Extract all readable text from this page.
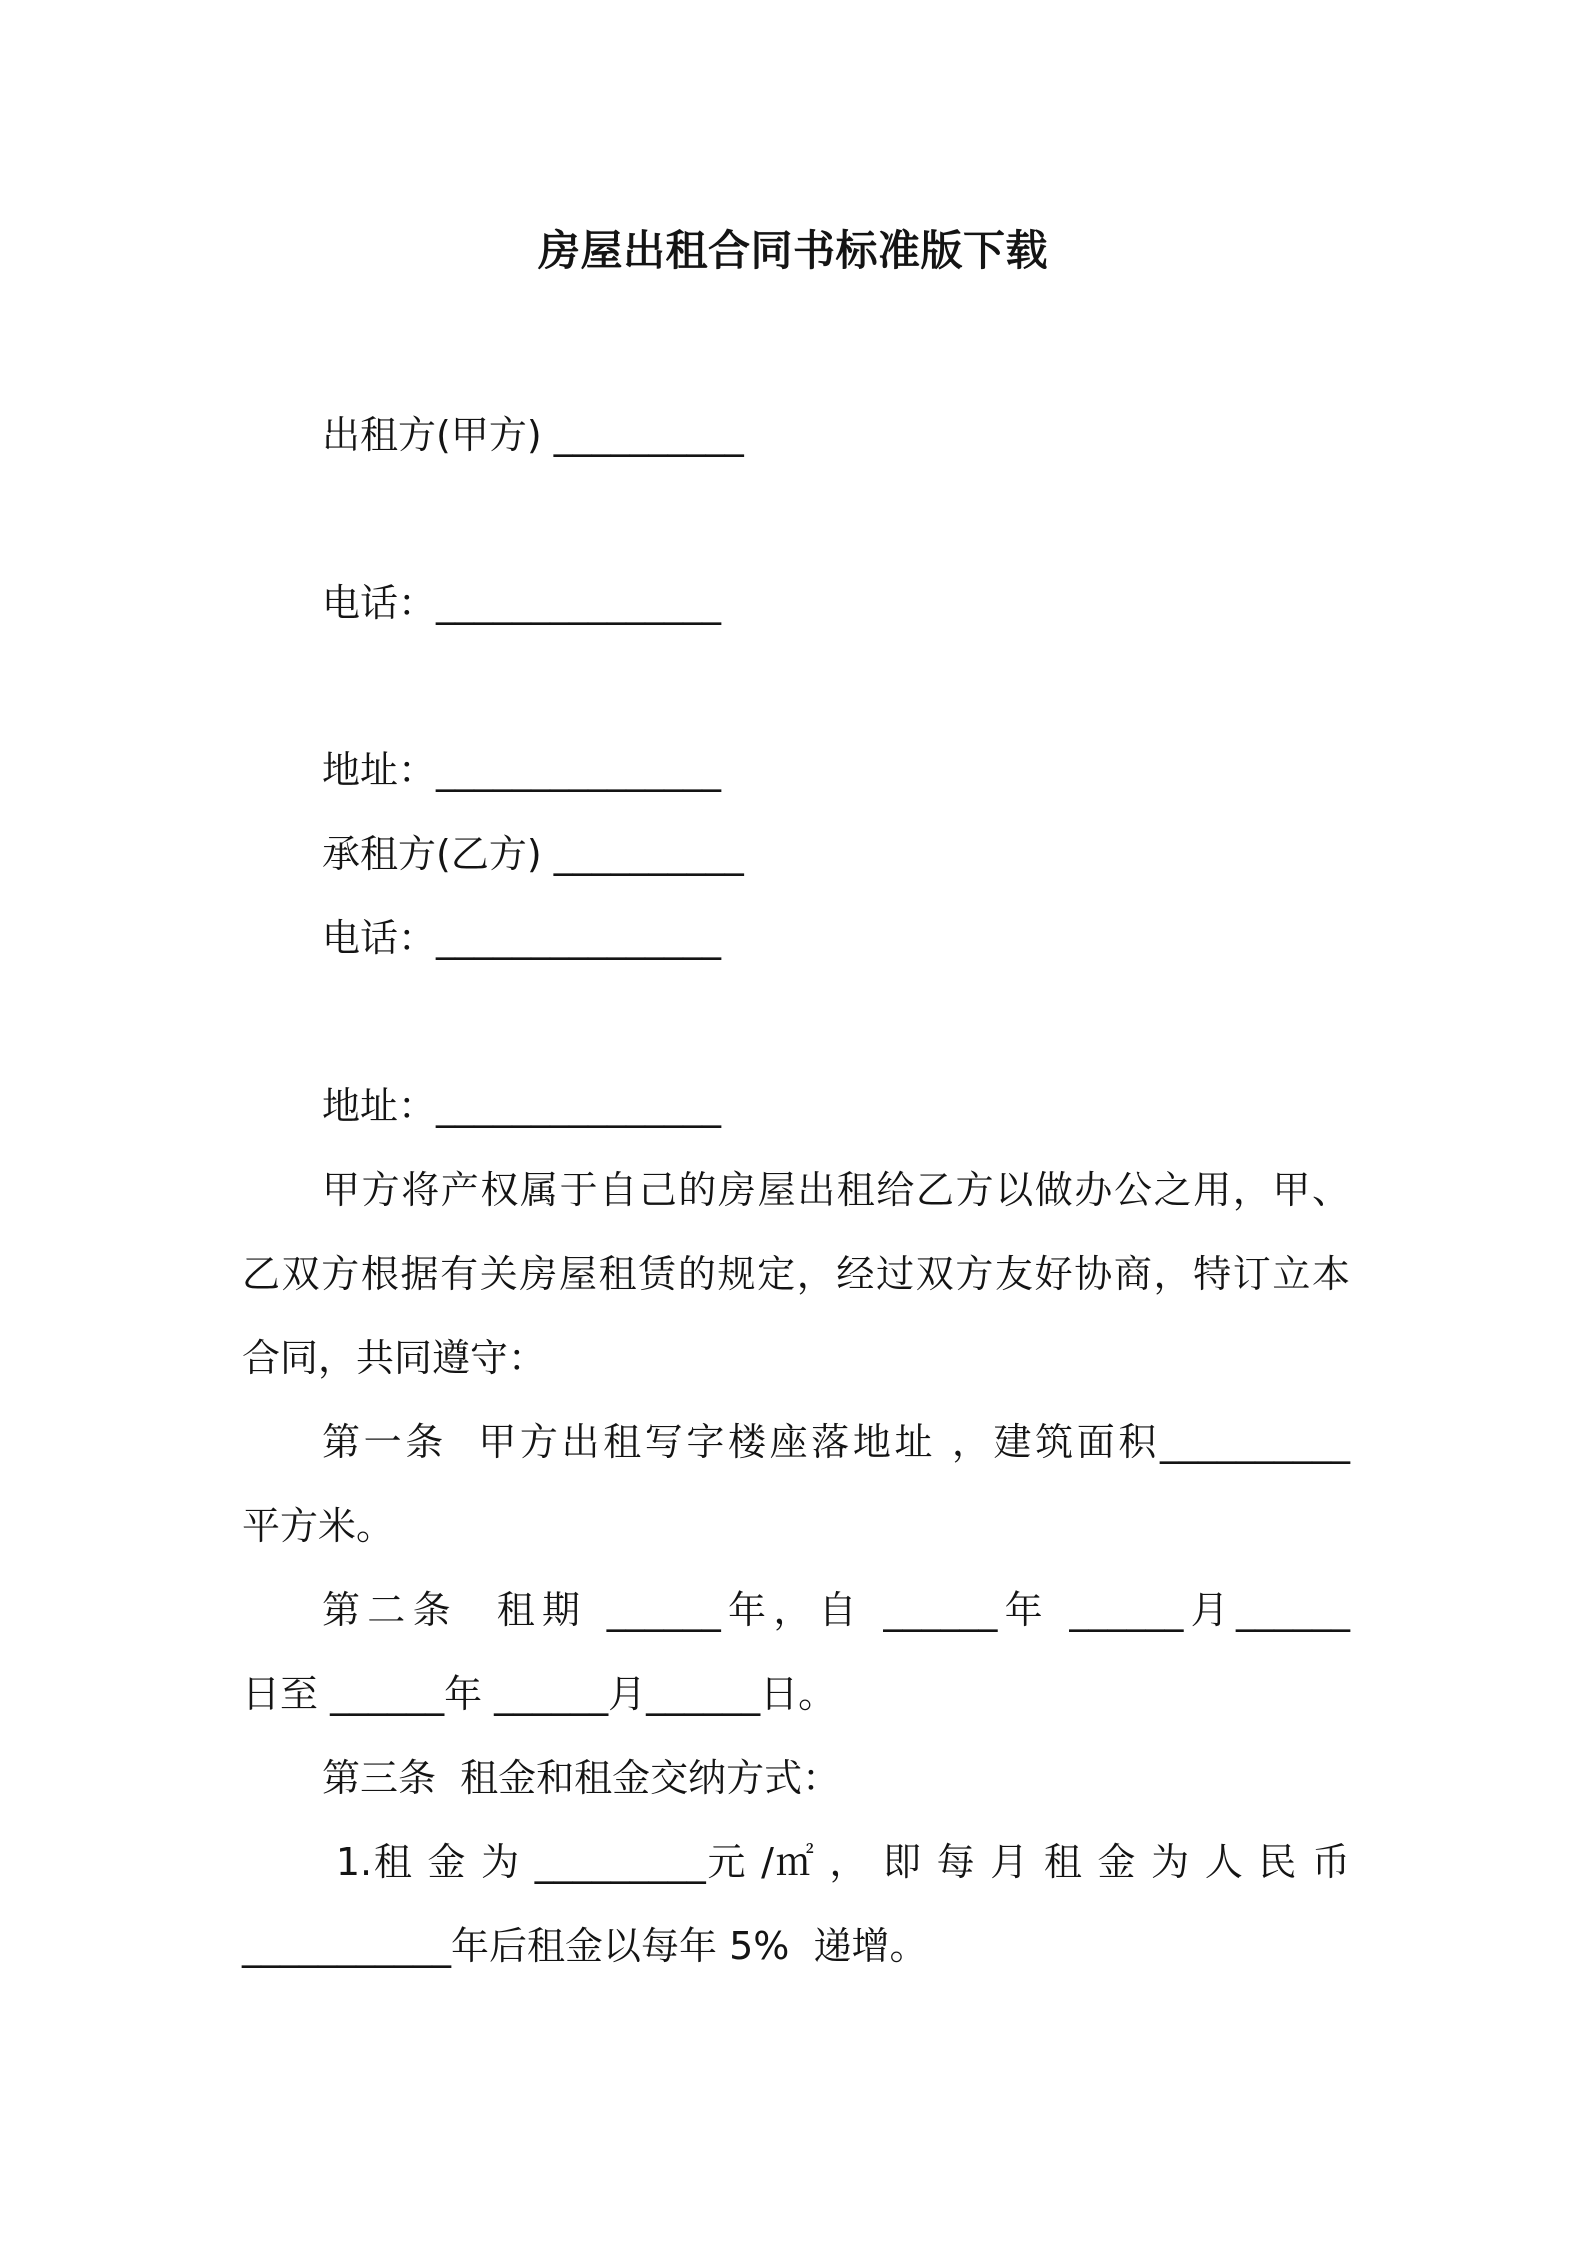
房屋出租合同书标准版下载
出租方(甲方) __________
电话：_______________
地址：_______________
承租方(乙方) __________
电话：_______________
地址：_______________
甲方将产权属于自己的房屋出租给乙方以做办公之用，甲、
乙双方根据有关房屋租赁的规定，经过双方友好协商，特订立本
合同，共同遵守：
第一条  甲方出租写字楼座落地址 ，建筑面积__________
平方米。
第二条  租期 ______年，自 ______年 ______月______
日至 ______年 ______月______日。
第三条  租金和租金交纳方式：
1.租 金 为 _________元 /㎡ ， 即 每 月 租 金 为 人 民 币
___________年后租金以每年 5%  递增。
